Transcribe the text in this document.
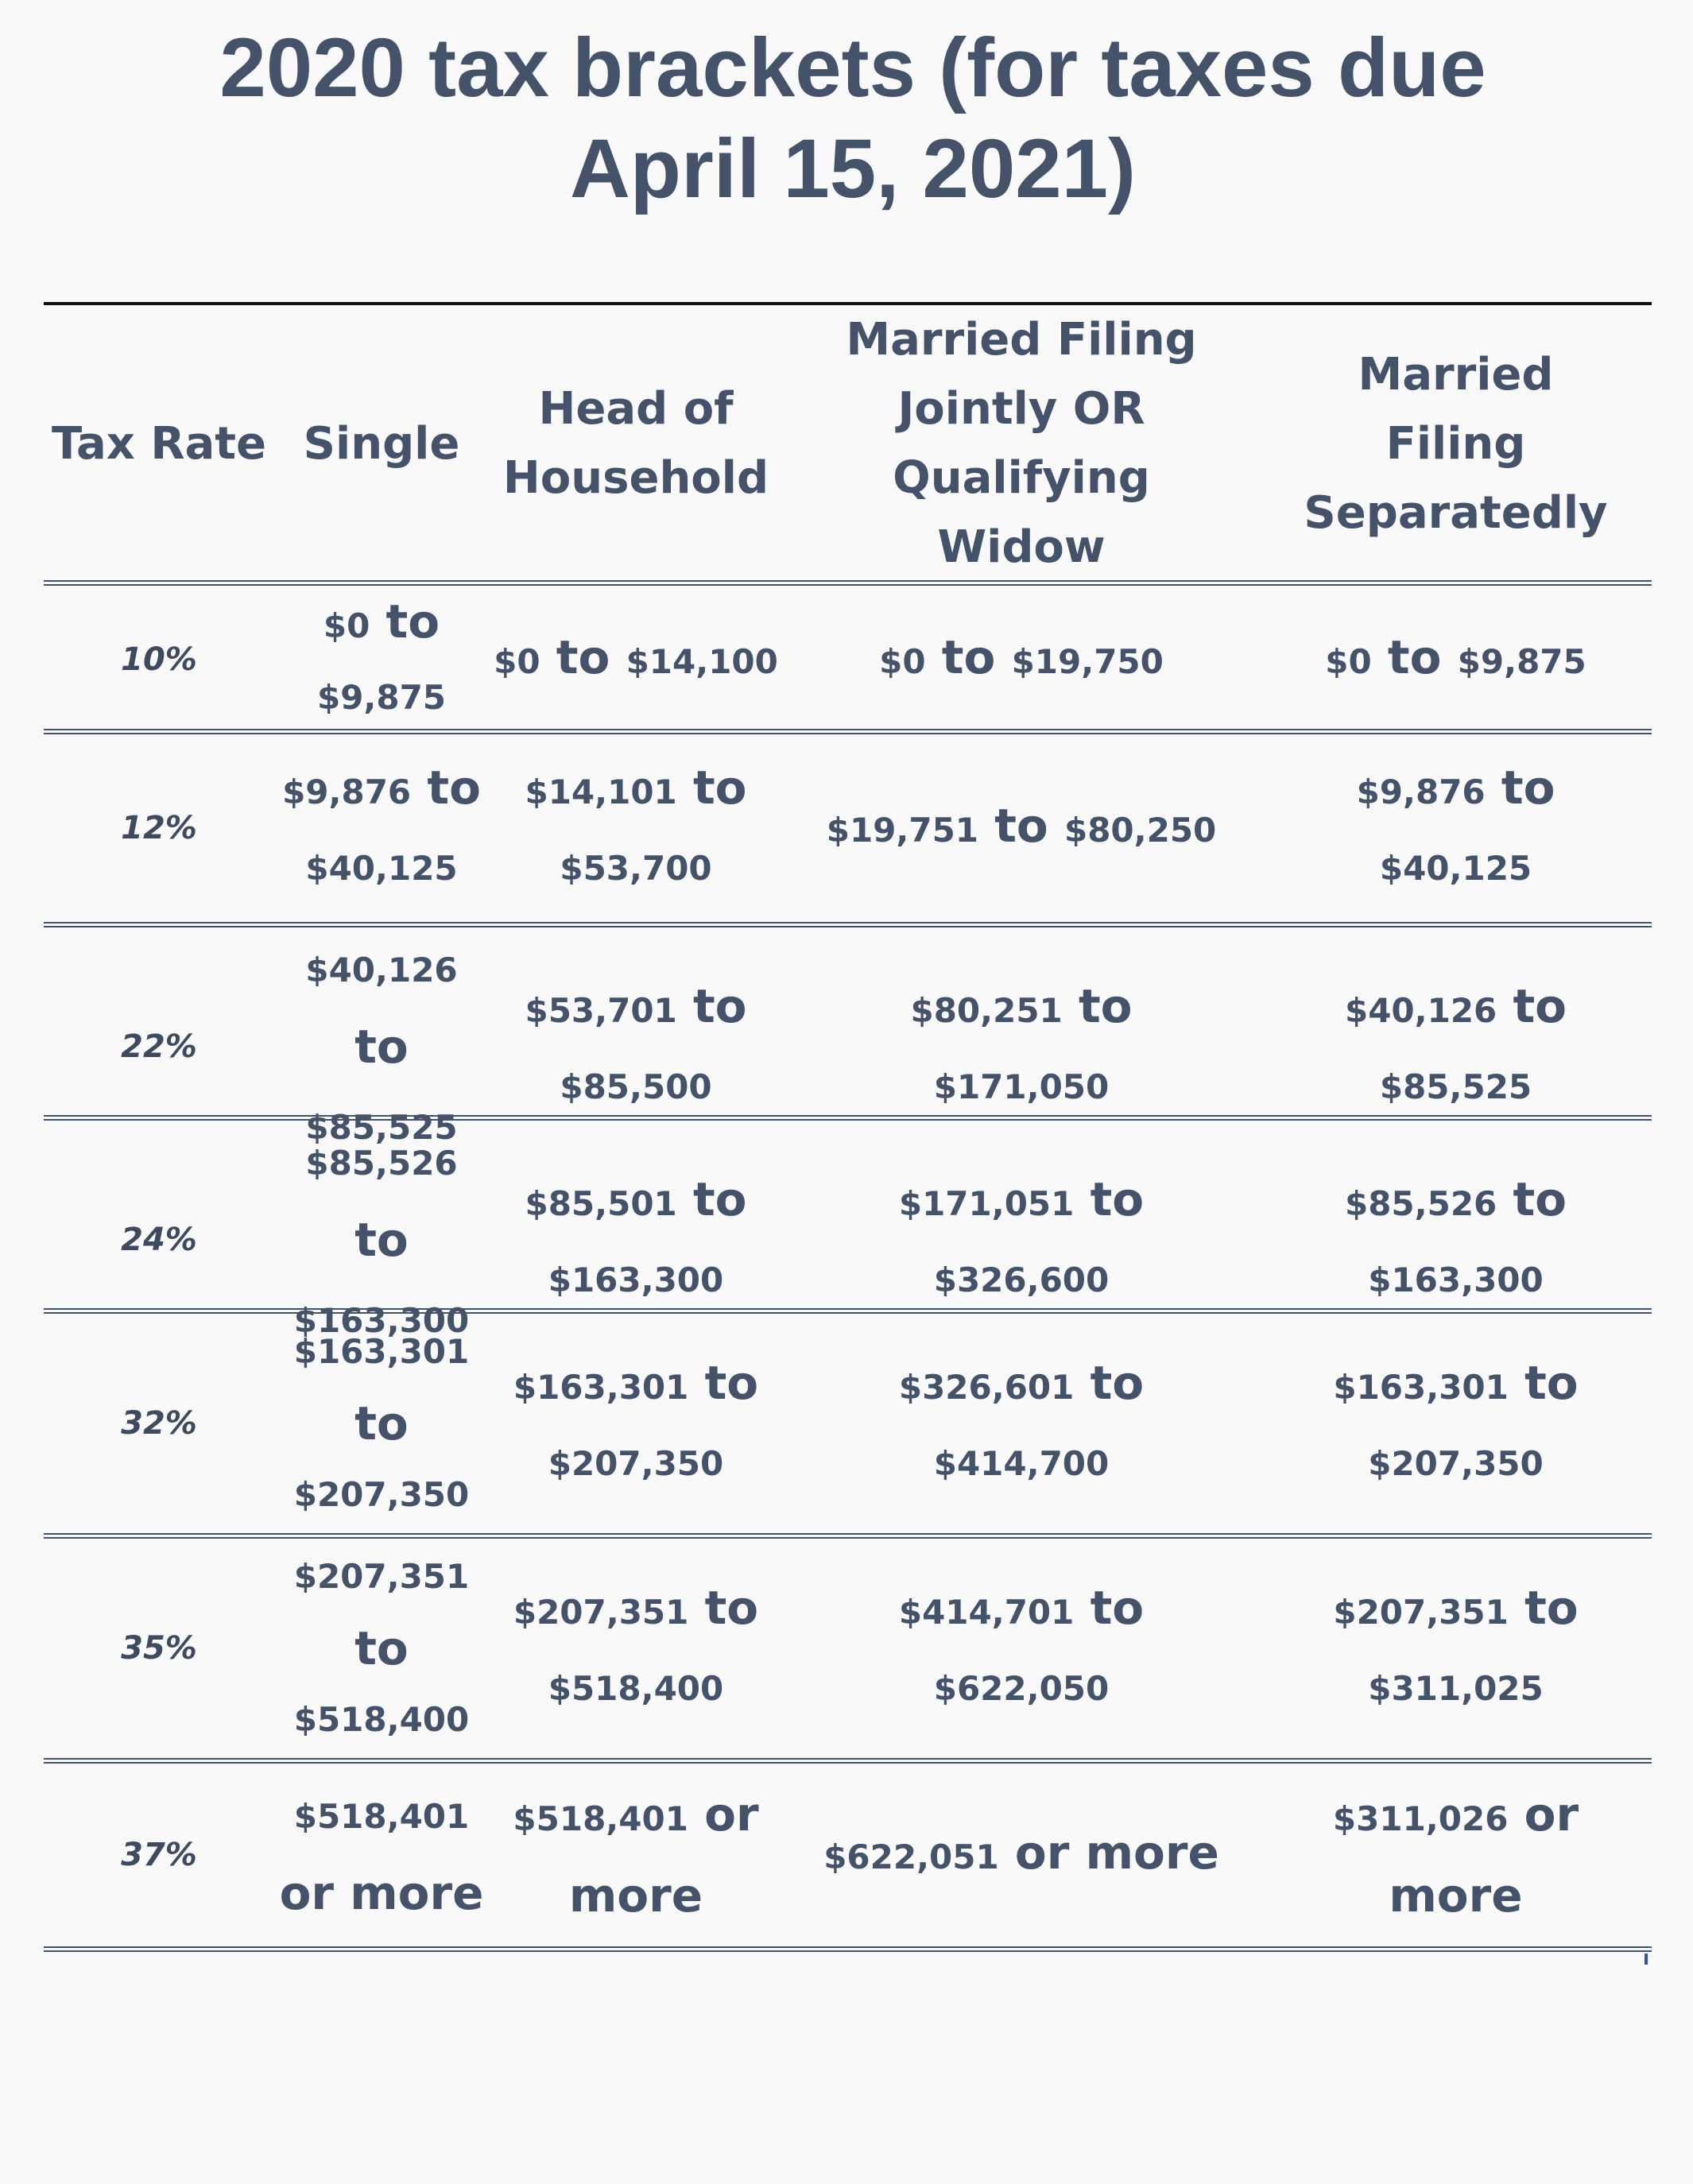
2020 tax brackets (for taxes due
April 15, 2021)
Tax Rate Single
Head of
Household
Married Filing
Jointly OR
Qualifying
Widow
Married
Filing
Separatedly
10%
$0 to
$9,875
$0 to $14,100	$0 to $19,750	$0 to $9,875
12%
$9,876 to
$40,125
$14,101 to
$53,700
$19,751 to $80,250
$9,876 to
$40,125
22%
$40,126 to
$85,525
$53,701 to
$85,500
$80,251 to
$171,050
$40,126 to
$85,525
24%
$85,526 to
$163,300
$85,501 to
$163,300
$171,051 to
$326,600
$85,526 to
$163,300
32%
$163,301
to
$207,350
$163,301 to
$207,350
$326,601 to
$414,700
$163,301 to
$207,350
35%
$207,351
to
$518,400
$207,351 to
$518,400
$414,701 to
$622,050
$207,351 to
$311,025
37%
$518,401
or more
$518,401 or
more
$622,051 or more
$311,026 or
more
